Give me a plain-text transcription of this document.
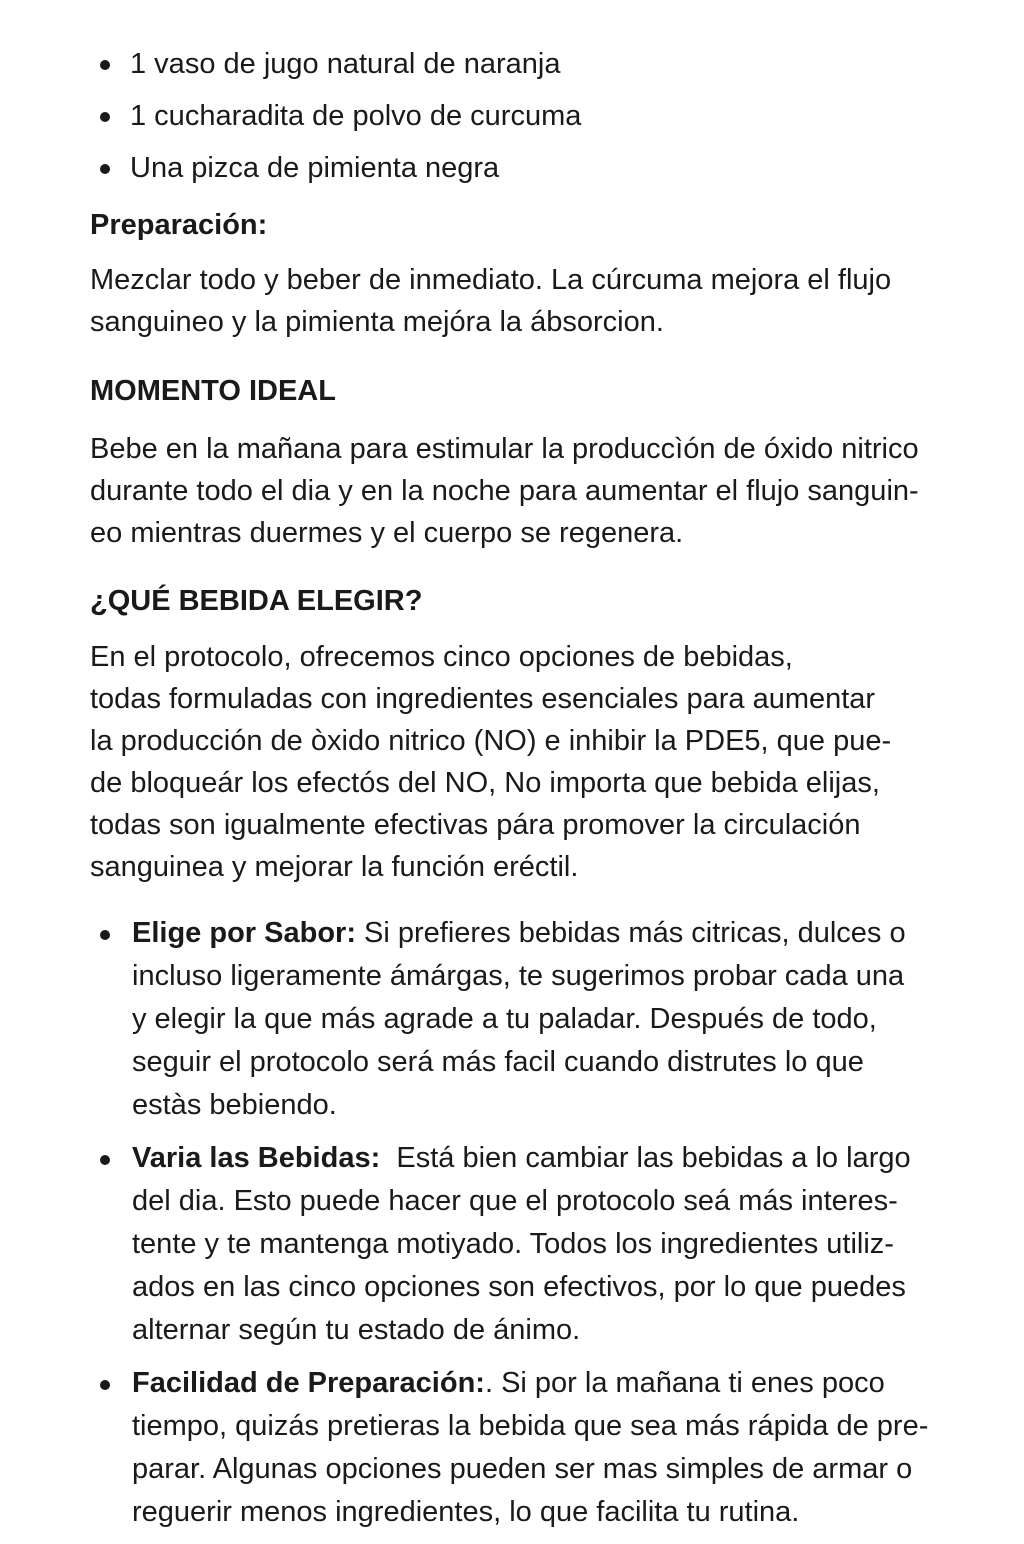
1 vaso de jugo natural de naranja
1 cucharadita de polvo de curcuma
Una pizca de pimienta negra
Preparación:
Mezclar todo y beber de inmediato. La cúrcuma mejora el flujo
sanguineo y la pimienta mejóra la ábsorcion.
MOMENTO IDEAL
Bebe en la mañana para estimular la produccìón de óxido nitrico
durante todo el dia y en la noche para aumentar el flujo sanguin-
eo mientras duermes y el cuerpo se regenera.
¿QUÉ BEBIDA ELEGIR?
En el protocolo, ofrecemos cinco opciones de bebidas,
todas formuladas con ingredientes esenciales para aumentar
la producción de òxido nitrico (NO) e inhibir la PDE5, que pue-
de bloqueár los efectós del NO, No importa que bebida elijas,
todas son igualmente efectivas pára promover la circulación
sanguinea y mejorar la función eréctil.
Elige por Sabor: Si prefieres bebidas más citricas, dulces o
incluso ligeramente ámárgas, te sugerimos probar cada una
y elegir la que más agrade a tu paladar. Después de todo,
seguir el protocolo será más facil cuando distrutes lo que
estàs bebiendo.
Varia las Bebidas:  Está bien cambiar las bebidas a lo largo
del dia. Esto puede hacer que el protocolo seá más interes-
tente y te mantenga motiyado. Todos los ingredientes utiliz-
ados en las cinco opciones son efectivos, por lo que puedes
alternar según tu estado de ánimo.
Facilidad de Preparación:. Si por la mañana ti enes poco
tiempo, quizás pretieras la bebida que sea más rápida de pre-
parar. Algunas opciones pueden ser mas simples de armar o
reguerir menos ingredientes, lo que facilita tu rutina.
